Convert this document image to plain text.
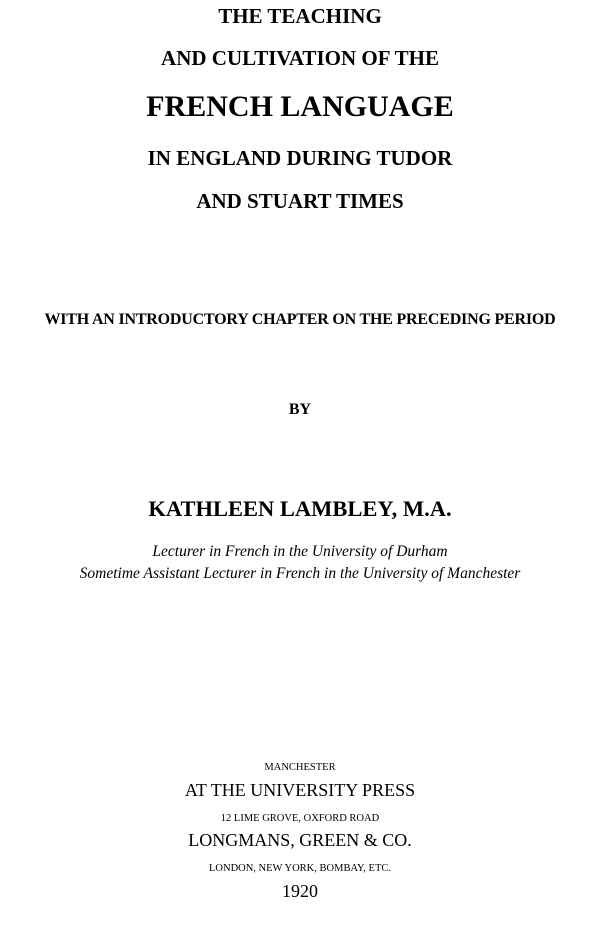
THE TEACHING
AND CULTIVATION OF THE
FRENCH LANGUAGE
IN ENGLAND DURING TUDOR
AND STUART TIMES
WITH AN INTRODUCTORY CHAPTER ON THE PRECEDING PERIOD
BY
KATHLEEN LAMBLEY, M.A.
Lecturer in French in the University of Durham
Sometime Assistant Lecturer in French in the University of Manchester
MANCHESTER
AT THE UNIVERSITY PRESS
12 LIME GROVE, OXFORD ROAD
LONGMANS, GREEN & CO.
LONDON, NEW YORK, BOMBAY, ETC.
1920
